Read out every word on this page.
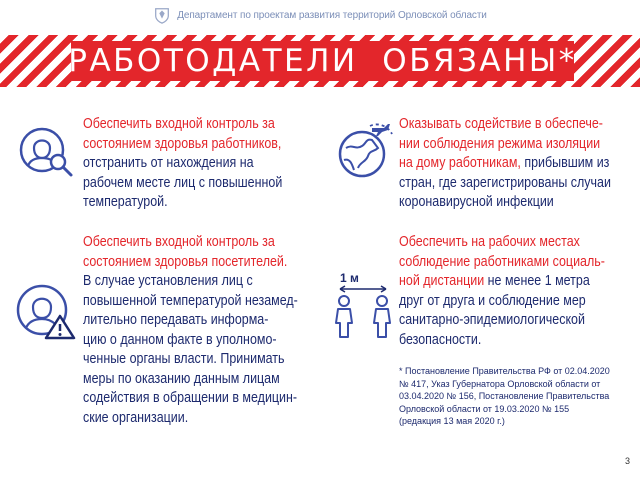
Департамент по проектам развития территорий Орловской области
РАБОТОДАТЕЛИ  ОБЯЗАНЫ*
1 м
Обеспечить входной контроль за
состоянием здоровья работников,
отстранить от нахождения на
рабочем месте лиц с повышенной
температурой.
Оказывать содействие в обеспече-
нии соблюдения режима изоляции
на дому работникам, прибывшим из
стран, где зарегистрированы случаи
коронавирусной инфекции
Обеспечить входной контроль за
состоянием здоровья посетителей.
В случае установления лиц с
повышенной температурой незамед-
лительно передавать информа-
цию о данном факте в уполномо-
ченные органы власти. Принимать
меры по оказанию данным лицам
содействия в обращении в медицин-
ские организации.
Обеспечить на рабочих местах
соблюдение работниками социаль-
ной дистанции не менее 1 метра
друг от друга и соблюдение мер
санитарно-эпидемиологической
безопасности.
* Постановление Правительства РФ от 02.04.2020
№ 417, Указ Губернатора Орловской области от
03.04.2020 № 156, Постановление Правительства
Орловской области от 19.03.2020 № 155
(редакция 13 мая 2020 г.)
3
